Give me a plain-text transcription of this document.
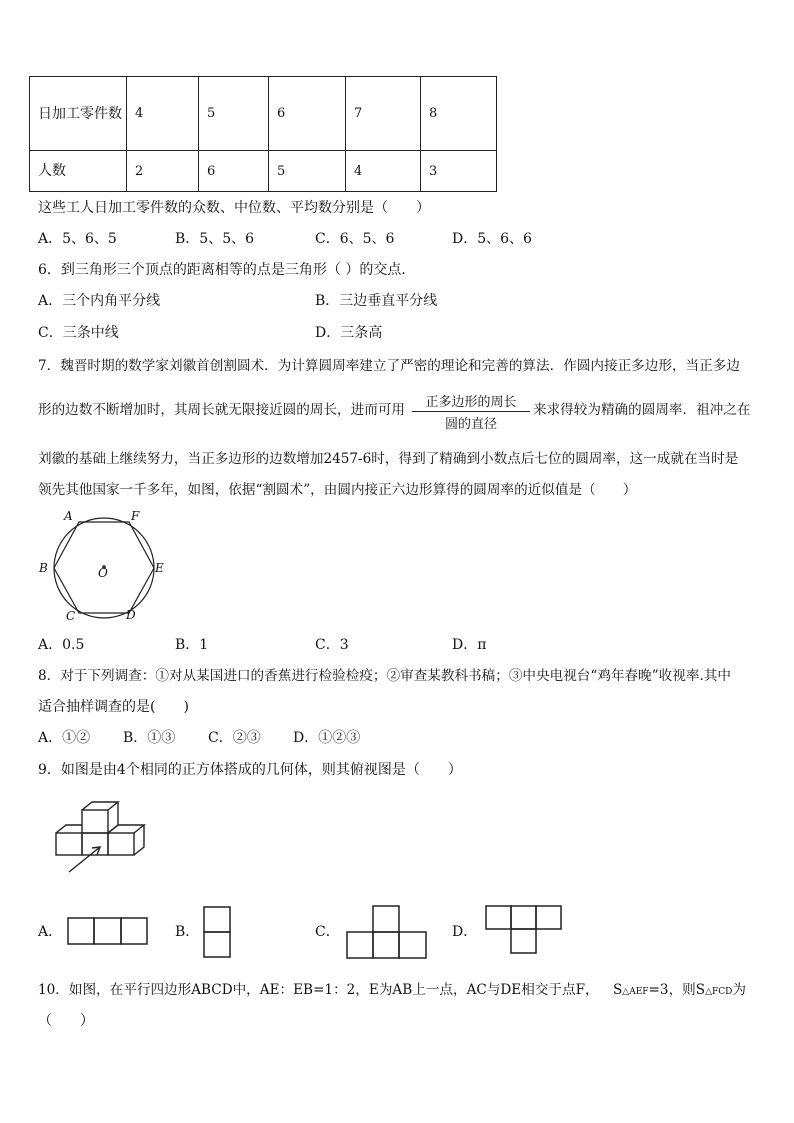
日加工零件数	4	5	6	7	8
人数	2	6	5	4	3
这些工人日加工零件数的众数、中位数、平均数分别是（　　）
A．5、6、5	B．5、5、6	C．6、5、6	D．5、6、6
6．到三角形三个顶点的距离相等的点是三角形（ ）的交点．
A．三个内角平分线	B．三边垂直平分线
C．三条中线	D．三条高
7．魏晋时期的数学家刘徽首创割圆术．为计算圆周率建立了严密的理论和完善的算法．作圆内接正多边形，当正多边
形的边数不断增加时，其周长就无限接近圆的周长，进而可用	正多边形的周长
圆的直径
来求得较为精确的圆周率．祖冲之在
刘徽的基础上继续努力，当正多边形的边数增加2457-6时，得到了精确到小数点后七位的圆周率，这一成就在当时是
领先其他国家一千多年，如图，依据“割圆术”，由圆内接正六边形算得的圆周率的近似值是（　　）
A	F
B	E
C	D
O
A．0.5	B．1	C．3	D．π
8．对于下列调查：①对从某国进口的香蕉进行检验检疫；②审查某教科书稿；③中央电视台“鸡年春晚”收视率.其中
适合抽样调查的是(　　)
A．①② B．①③ C．②③ D．①②③
9．如图是由4个相同的正方体搭成的几何体，则其俯视图是（　　）
A．	B．	C．	D．
10．如图，在平行四边形ABCD中，AE：EB=1：2，E为AB上一点，AC与DE相交于点F， S△AEF=3，则S△FCD为
（　　）
